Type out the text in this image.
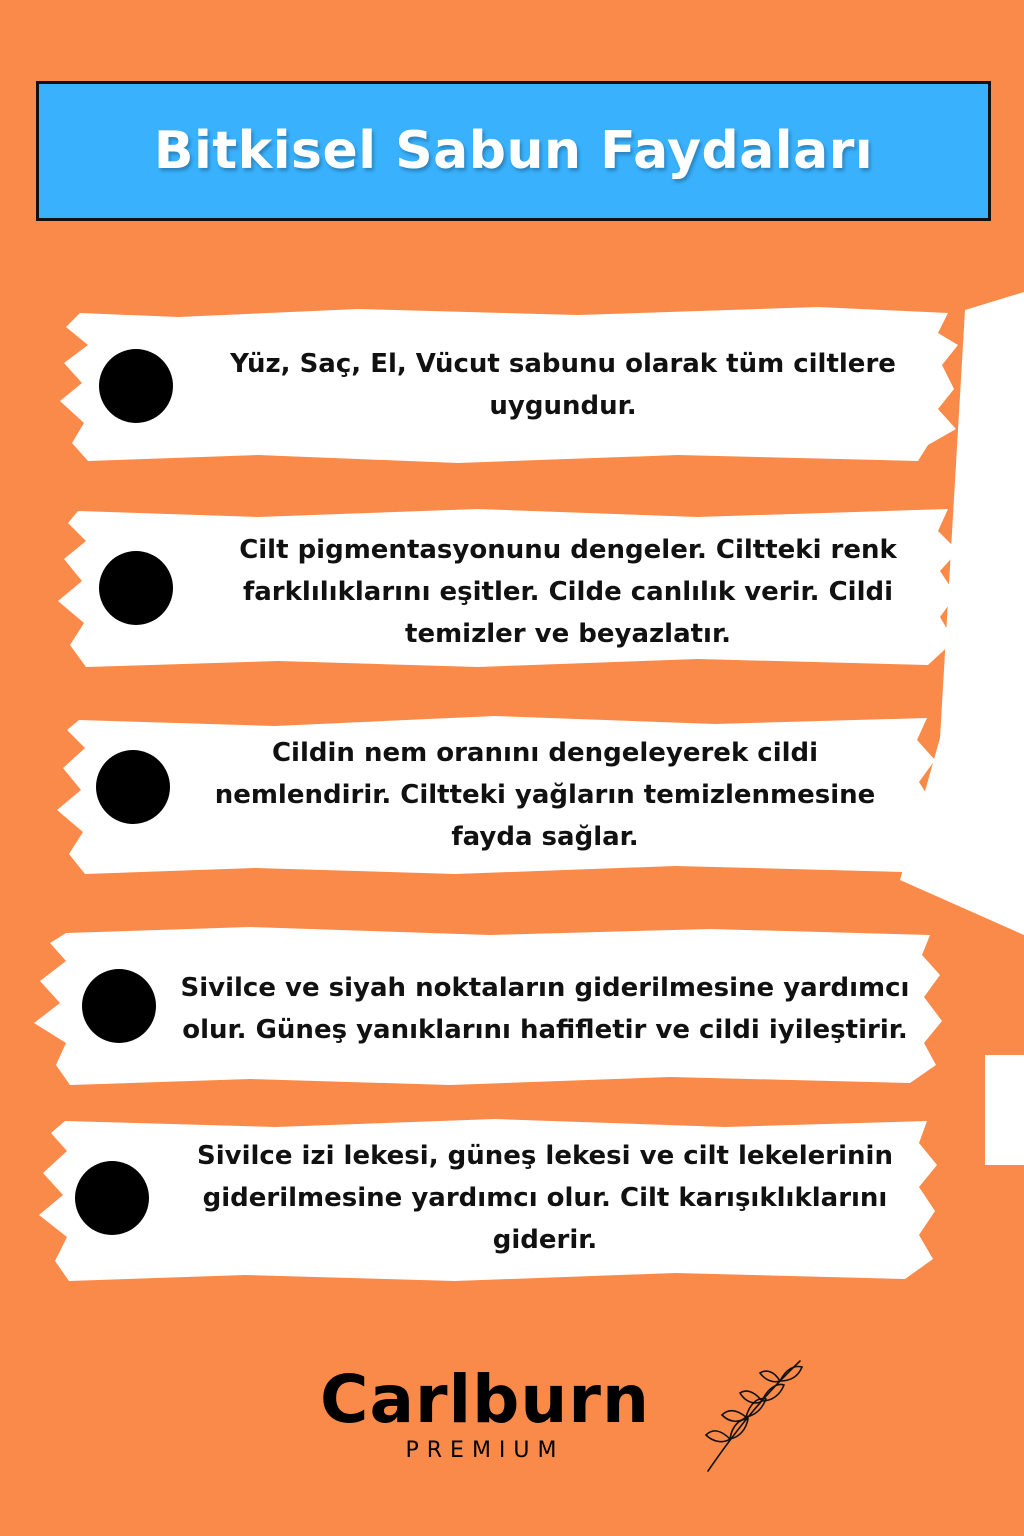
Bitkisel Sabun Faydaları

Yüz, Saç, El, Vücut sabunu olarak tüm ciltlere
uygundur.

Cilt pigmentasyonunu dengeler. Ciltteki renk
farklılıklarını eşitler. Cilde canlılık verir. Cildi
temizler ve beyazlatır.

Cildin nem oranını dengeleyerek cildi
nemlendirir. Ciltteki yağların temizlenmesine
fayda sağlar.

Sivilce ve siyah noktaların giderilmesine yardımcı
olur. Güneş yanıklarını hafifletir ve cildi iyileştirir.

Sivilce izi lekesi, güneş lekesi ve cilt lekelerinin
giderilmesine yardımcı olur. Cilt karışıklıklarını
giderir.

Carlburn
PREMIUM
